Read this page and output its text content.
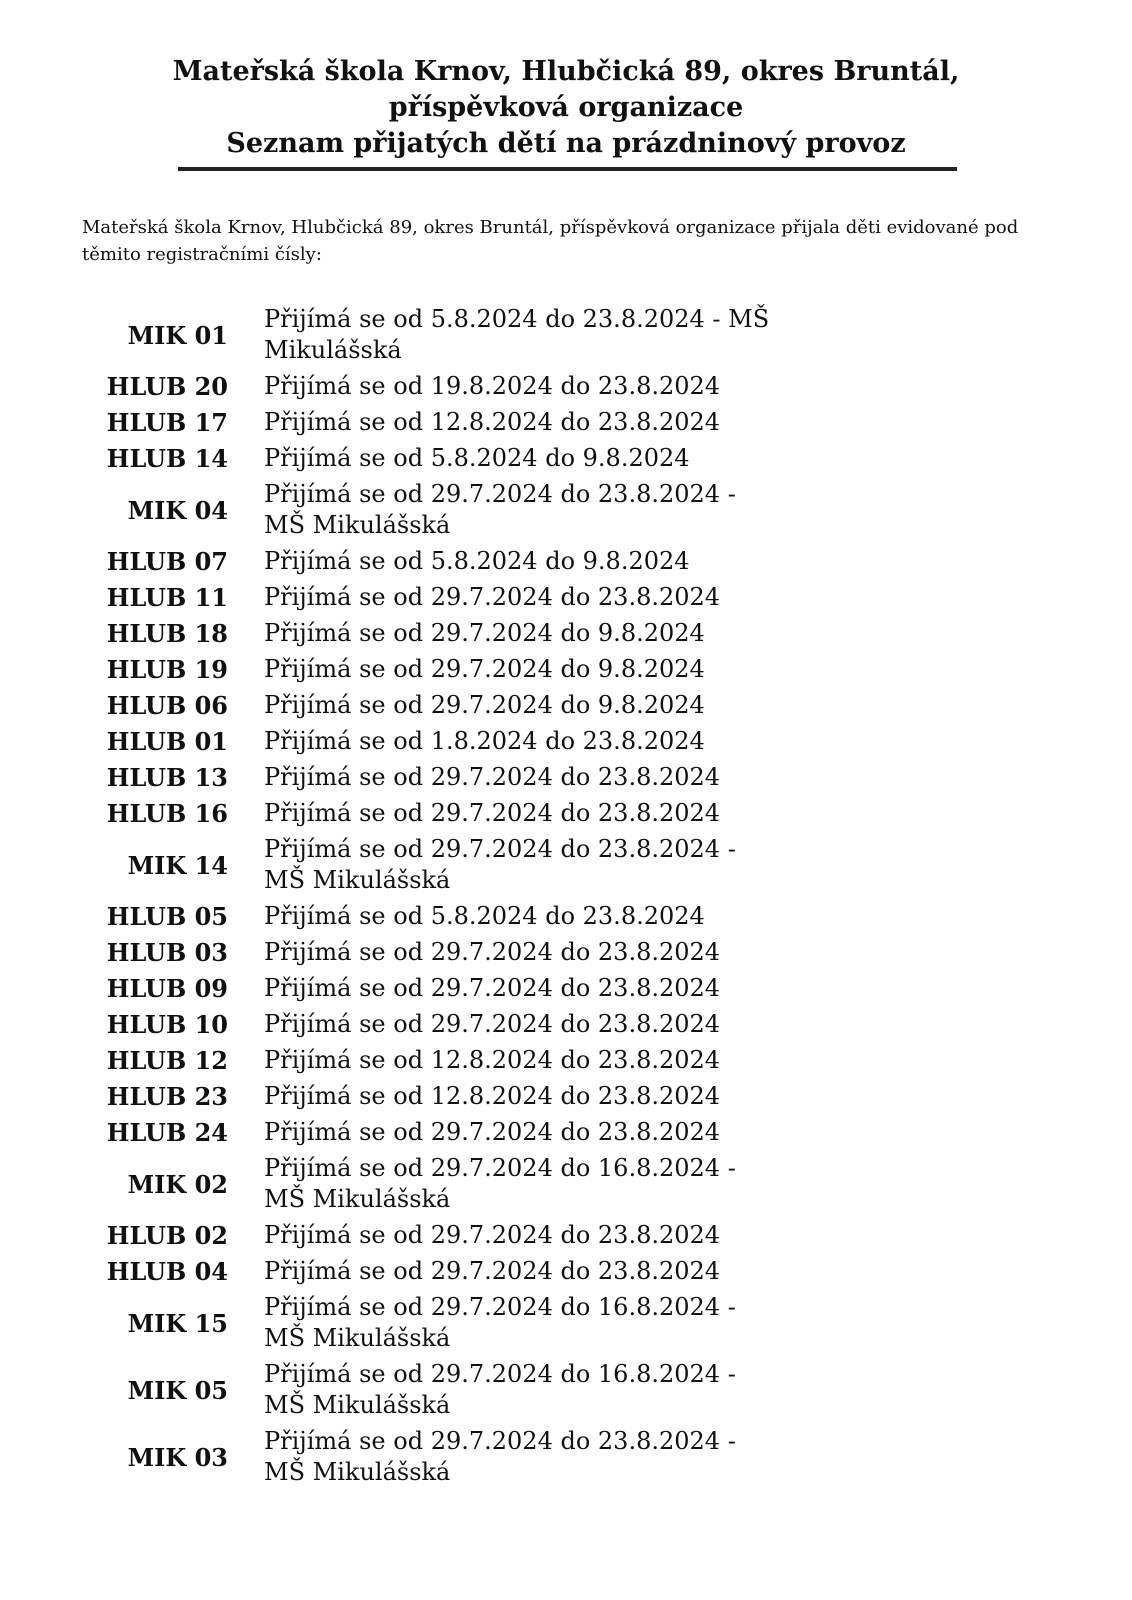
Mateřská škola Krnov, Hlubčická 89, okres Bruntál,
příspěvková organizace
Seznam přijatých dětí na prázdninový provoz
Mateřská škola Krnov, Hlubčická 89, okres Bruntál, příspěvková organizace přijala děti evidované pod těmito registračními čísly:
MIK 01
Přijímá se od 5.8.2024 do 23.8.2024 - MŠ Mikulášská
HLUB 20 Přijímá se od 19.8.2024 do 23.8.2024
HLUB 17 Přijímá se od 12.8.2024 do 23.8.2024
HLUB 14 Přijímá se od 5.8.2024 do 9.8.2024
MIK 04
Přijímá se od 29.7.2024 do 23.8.2024 - MŠ Mikulášská
HLUB 07 Přijímá se od 5.8.2024 do 9.8.2024
HLUB 11 Přijímá se od 29.7.2024 do 23.8.2024
HLUB 18 Přijímá se od 29.7.2024 do 9.8.2024
HLUB 19 Přijímá se od 29.7.2024 do 9.8.2024
HLUB 06 Přijímá se od 29.7.2024 do 9.8.2024
HLUB 01 Přijímá se od 1.8.2024 do 23.8.2024
HLUB 13 Přijímá se od 29.7.2024 do 23.8.2024
HLUB 16 Přijímá se od 29.7.2024 do 23.8.2024
MIK 14
Přijímá se od 29.7.2024 do 23.8.2024 - MŠ Mikulášská
HLUB 05 Přijímá se od 5.8.2024 do 23.8.2024
HLUB 03 Přijímá se od 29.7.2024 do 23.8.2024
HLUB 09 Přijímá se od 29.7.2024 do 23.8.2024
HLUB 10 Přijímá se od 29.7.2024 do 23.8.2024
HLUB 12 Přijímá se od 12.8.2024 do 23.8.2024
HLUB 23 Přijímá se od 12.8.2024 do 23.8.2024
HLUB 24 Přijímá se od 29.7.2024 do 23.8.2024
MIK 02
Přijímá se od 29.7.2024 do 16.8.2024 - MŠ Mikulášská
HLUB 02 Přijímá se od 29.7.2024 do 23.8.2024
HLUB 04 Přijímá se od 29.7.2024 do 23.8.2024
MIK 15
Přijímá se od 29.7.2024 do 16.8.2024 - MŠ Mikulášská
MIK 05
Přijímá se od 29.7.2024 do 16.8.2024 - MŠ Mikulášská
MIK 03
Přijímá se od 29.7.2024 do 23.8.2024 - MŠ Mikulášská
